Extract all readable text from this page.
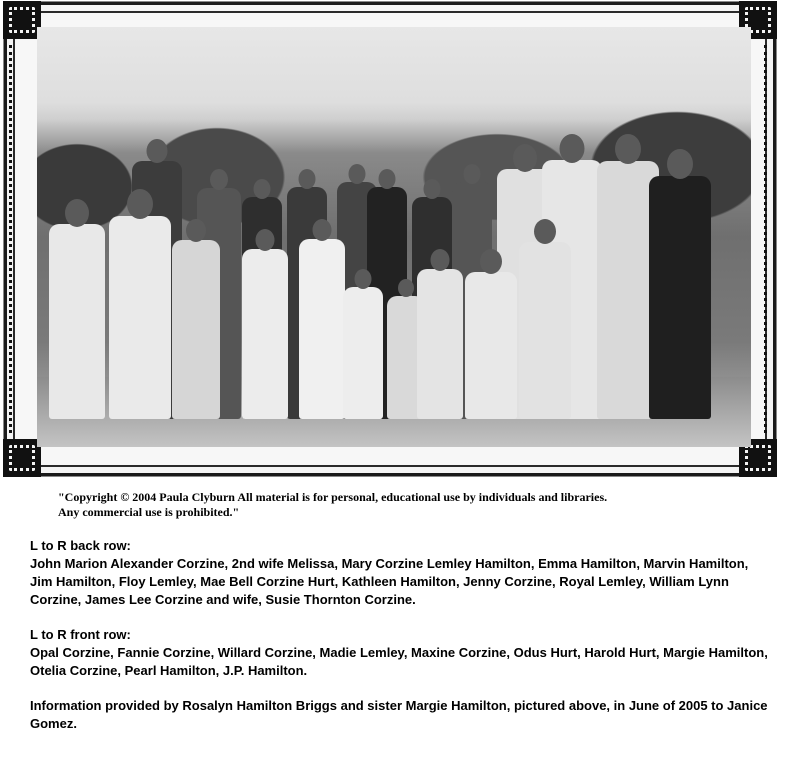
"Copyright © 2004 Paula Clyburn All material is for personal, educational use by individuals and libraries.
Any commercial use is prohibited."

L to R back row:

John Marion Alexander Corzine, 2nd wife Melissa, Mary Corzine Lemley Hamilton, Emma Hamilton, Marvin Hamilton, Jim Hamilton, Floy Lemley, Mae Bell Corzine Hurt, Kathleen Hamilton, Jenny Corzine, Royal Lemley, William Lynn Corzine, James Lee Corzine and wife, Susie Thornton Corzine.

L to R front row:

Opal Corzine, Fannie Corzine, Willard Corzine, Madie Lemley, Maxine Corzine, Odus Hurt, Harold Hurt, Margie Hamilton, Otelia Corzine, Pearl Hamilton, J.P. Hamilton.

Information provided by Rosalyn Hamilton Briggs and sister Margie Hamilton, pictured above, in June of 2005 to Janice Gomez.
